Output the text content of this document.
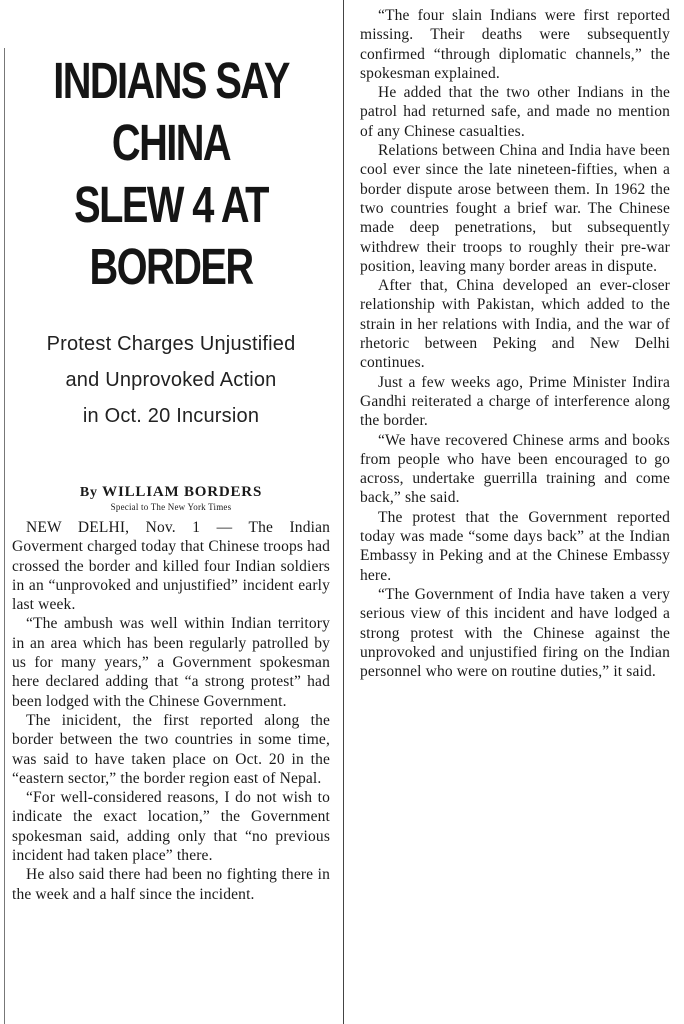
INDIANS SAY CHINA
SLEW 4 AT BORDER
Protest Charges Unjustified
and Unprovoked Action
in Oct. 20 Incursion
By WILLIAM BORDERS
Special to The New York Times

NEW DELHI, Nov. 1 — The Indian Goverment charged today that Chinese troops had crossed the border and killed four Indian soldiers in an “unprovoked and unjustified” incident early last week.

“The ambush was well within Indian territory in an area which has been regularly patrolled by us for many years,” a Government spokesman here declared adding that “a strong protest” had been lodged with the Chinese Government.

The inicident, the first reported along the border between the two countries in some time, was said to have taken place on Oct. 20 in the “eastern sector,” the border region east of Nepal.

“For well-considered reasons, I do not wish to indicate the exact location,” the Government spokesman said, adding only that “no previous incident had taken place” there.

He also said there had been no fighting there in the week and a half since the incident.

“The four slain Indians were first reported missing. Their deaths were subsequently confirmed “through diplomatic channels,” the spokesman explained.

He added that the two other Indians in the patrol had returned safe, and made no mention of any Chinese casualties.

Relations between China and India have been cool ever since the late nineteen-fifties, when a border dispute arose between them. In 1962 the two countries fought a brief war. The Chinese made deep penetrations, but subsequently withdrew their troops to roughly their pre-war position, leaving many border areas in dispute.

After that, China developed an ever-closer relationship with Pakistan, which added to the strain in her relations with India, and the war of rhetoric between Peking and New Delhi continues.

Just a few weeks ago, Prime Minister Indira Gandhi reiterated a charge of interference along the border.

“We have recovered Chinese arms and books from people who have been encouraged to go across, undertake guerrilla training and come back,” she said.

The protest that the Government reported today was made “some days back” at the Indian Embassy in Peking and at the Chinese Embassy here.

“The Government of India have taken a very serious view of this incident and have lodged a strong protest with the Chinese against the unprovoked and unjustified firing on the Indian personnel who were on routine duties,” it said.
